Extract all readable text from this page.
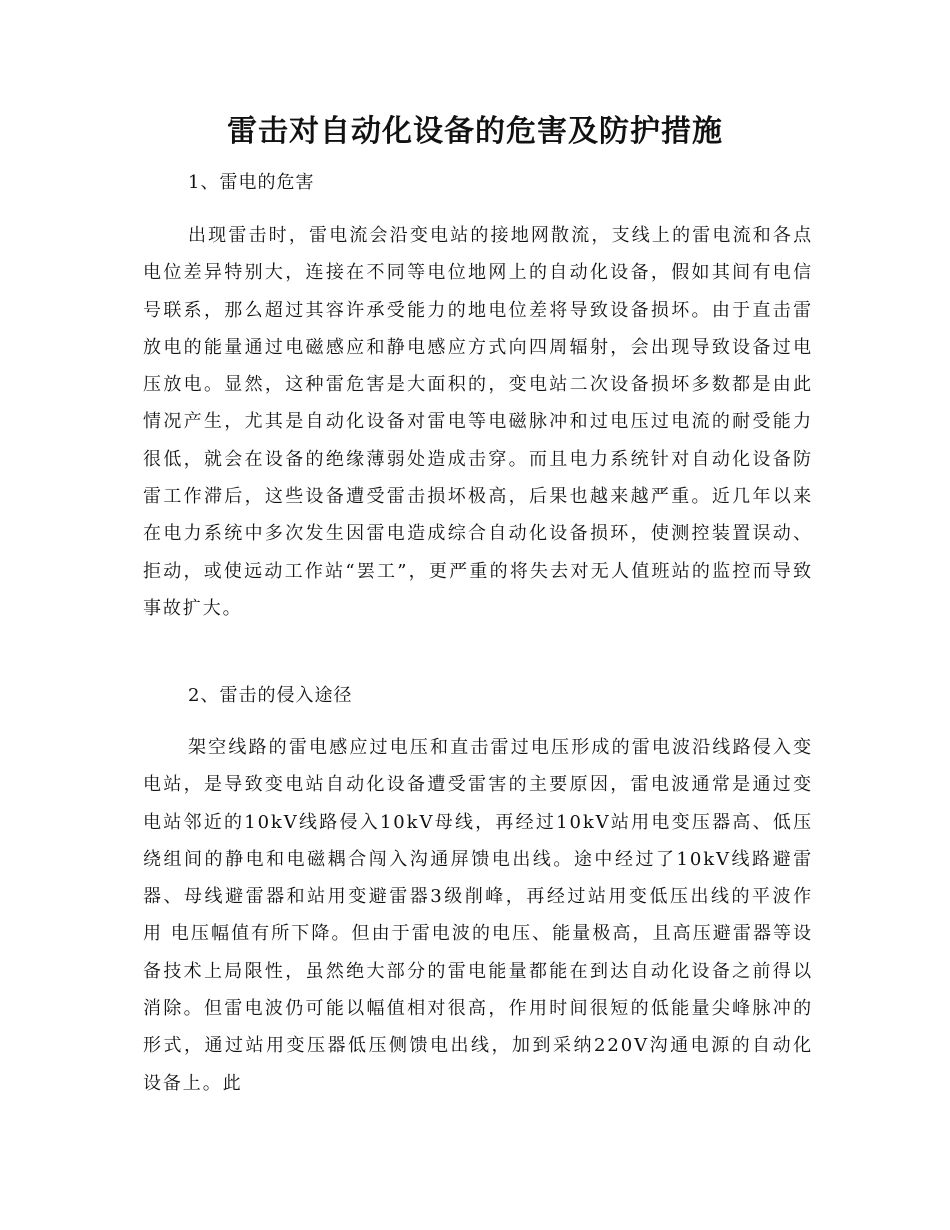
雷击对自动化设备的危害及防护措施

1、雷电的危害

出现雷击时，雷电流会沿变电站的接地网散流，支线上的雷电流和各点电位差异特别大，连接在不同等电位地网上的自动化设备，假如其间有电信号联系，那么超过其容许承受能力的地电位差将导致设备损坏。由于直击雷放电的能量通过电磁感应和静电感应方式向四周辐射，会出现导致设备过电压放电。显然，这种雷危害是大面积的，变电站二次设备损坏多数都是由此情况产生，尤其是自动化设备对雷电等电磁脉冲和过电压过电流的耐受能力很低，就会在设备的绝缘薄弱处造成击穿。而且电力系统针对自动化设备防雷工作滞后，这些设备遭受雷击损坏极高，后果也越来越严重。近几年以来在电力系统中多次发生因雷电造成综合自动化设备损环，使测控装置误动、拒动，或使远动工作站“罢工”，更严重的将失去对无人值班站的监控而导致事故扩大。

2、雷击的侵入途径

架空线路的雷电感应过电压和直击雷过电压形成的雷电波沿线路侵入变电站，是导致变电站自动化设备遭受雷害的主要原因，雷电波通常是通过变电站邻近的10kV线路侵入10kV母线，再经过10kV站用电变压器高、低压绕组间的静电和电磁耦合闯入沟通屏馈电出线。途中经过了10kV线路避雷器、母线避雷器和站用变避雷器3级削峰，再经过站用变低压出线的平波作用 电压幅值有所下降。但由于雷电波的电压、能量极高，且高压避雷器等设备技术上局限性，虽然绝大部分的雷电能量都能在到达自动化设备之前得以消除。但雷电波仍可能以幅值相对很高，作用时间很短的低能量尖峰脉冲的形式，通过站用变压器低压侧馈电出线，加到采纳220V沟通电源的自动化设备上。此
